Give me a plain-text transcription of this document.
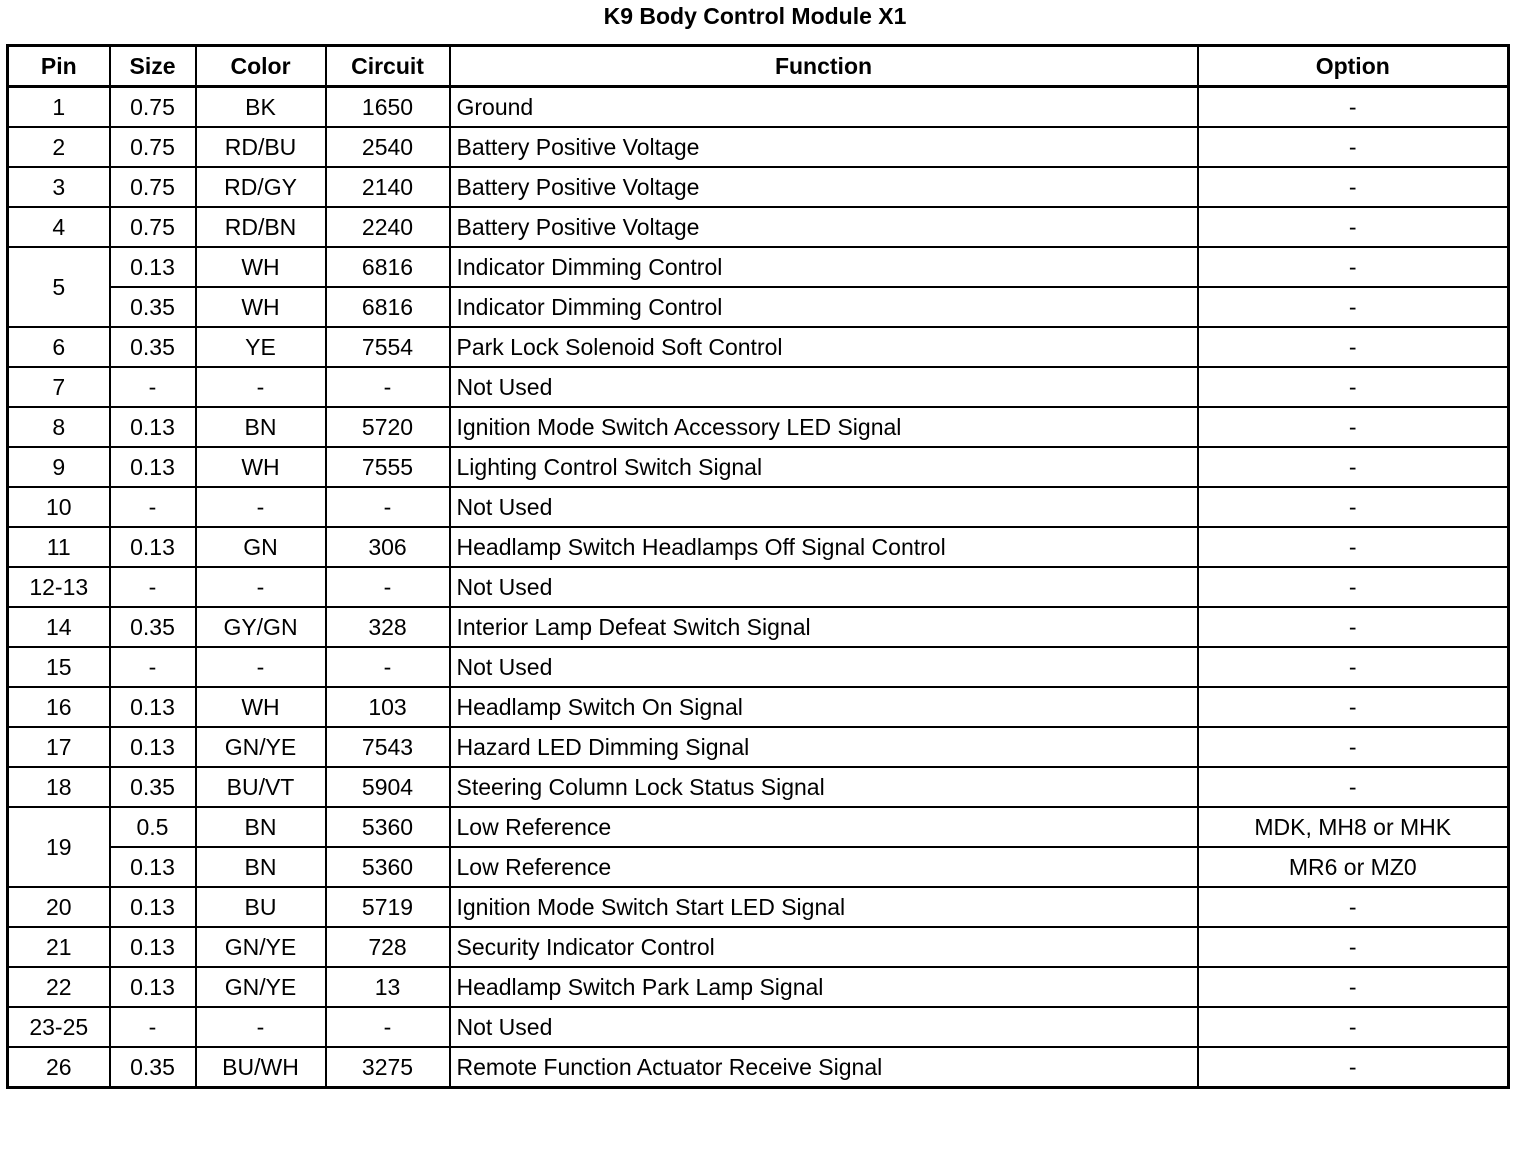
K9 Body Control Module X1
Pin	Size	Color	Circuit	Function	Option
1	0.75	BK	1650	Ground	-
2	0.75	RD/BU	2540	Battery Positive Voltage	-
3	0.75	RD/GY	2140	Battery Positive Voltage	-
4	0.75	RD/BN	2240	Battery Positive Voltage	-
5	0.13	WH	6816	Indicator Dimming Control	-
	0.35	WH	6816	Indicator Dimming Control	-
6	0.35	YE	7554	Park Lock Solenoid Soft Control	-
7	-	-	-	Not Used	-
8	0.13	BN	5720	Ignition Mode Switch Accessory LED Signal	-
9	0.13	WH	7555	Lighting Control Switch Signal	-
10	-	-	-	Not Used	-
11	0.13	GN	306	Headlamp Switch Headlamps Off Signal Control	-
12-13	-	-	-	Not Used	-
14	0.35	GY/GN	328	Interior Lamp Defeat Switch Signal	-
15	-	-	-	Not Used	-
16	0.13	WH	103	Headlamp Switch On Signal	-
17	0.13	GN/YE	7543	Hazard LED Dimming Signal	-
18	0.35	BU/VT	5904	Steering Column Lock Status Signal	-
19	0.5	BN	5360	Low Reference	MDK, MH8 or MHK
	0.13	BN	5360	Low Reference	MR6 or MZ0
20	0.13	BU	5719	Ignition Mode Switch Start LED Signal	-
21	0.13	GN/YE	728	Security Indicator Control	-
22	0.13	GN/YE	13	Headlamp Switch Park Lamp Signal	-
23-25	-	-	-	Not Used	-
26	0.35	BU/WH	3275	Remote Function Actuator Receive Signal	-
